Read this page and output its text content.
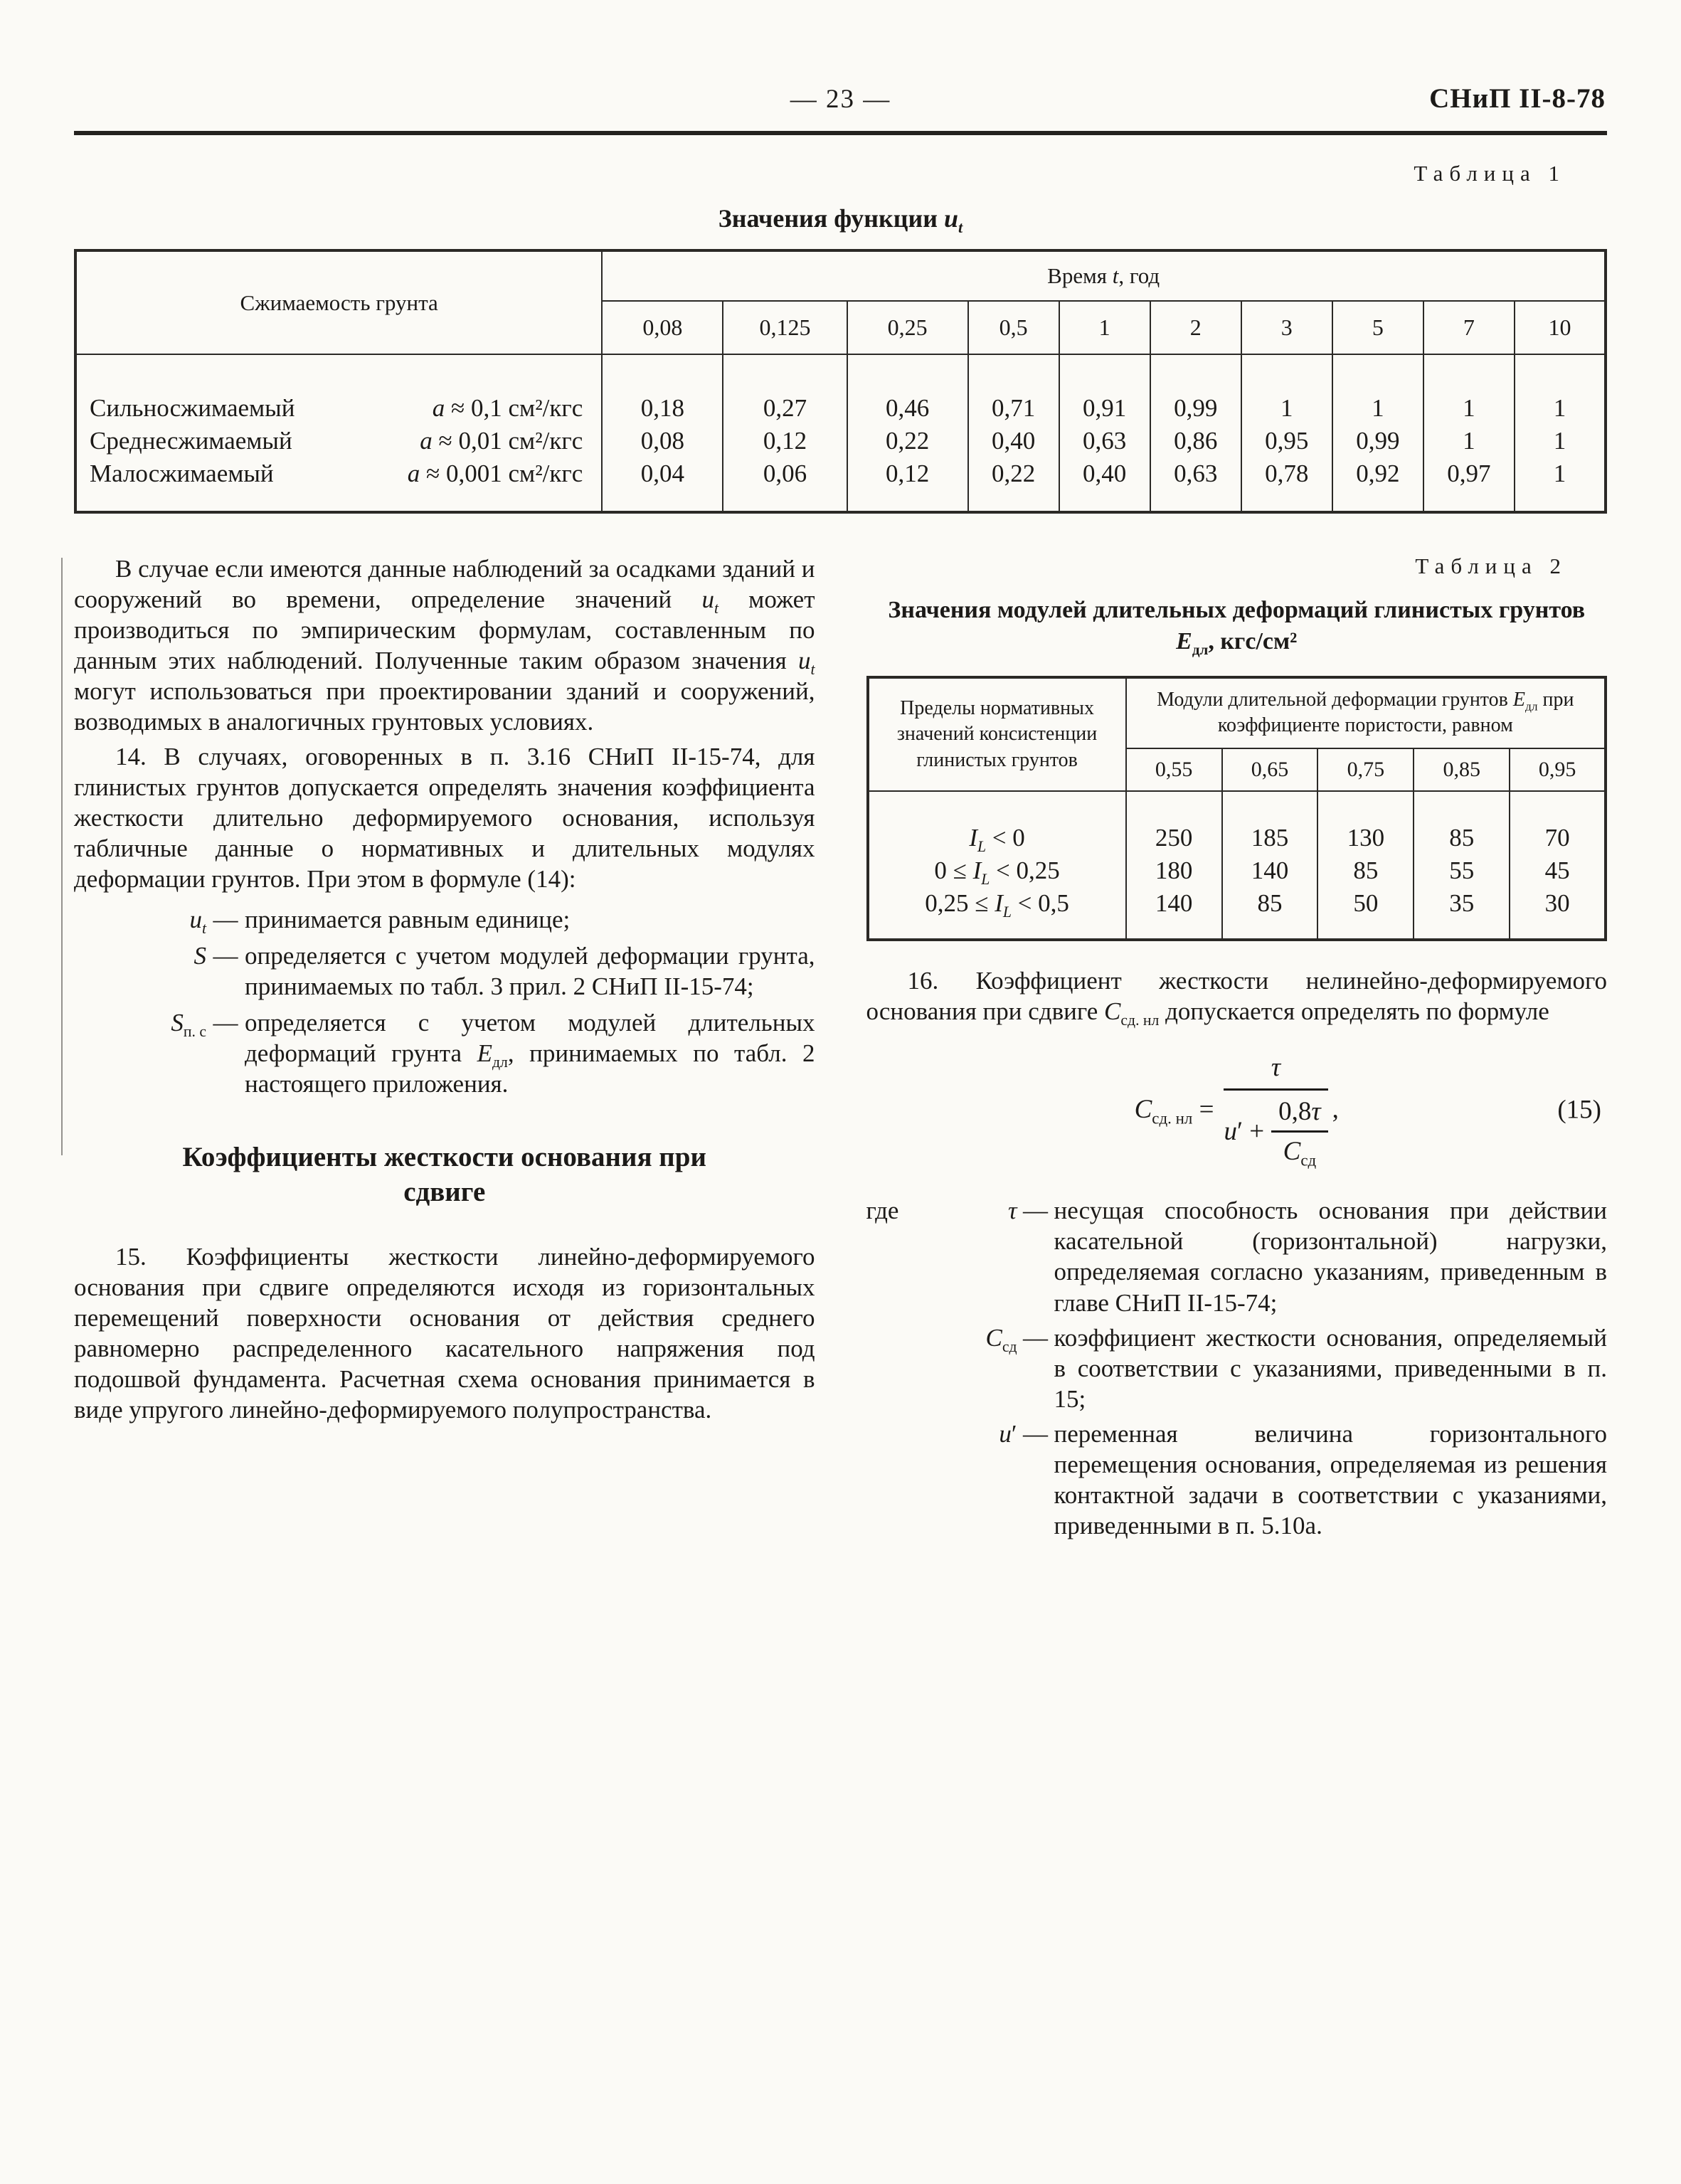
— 23 —	СНиП II-8-78
Таблица 1
Значения функции $u_t$
Сжимаемость грунта	Время t, год									
	0,08	0,125	0,25	0,5	1	2	3	5	7	10

Сильносжимаемый a ≈ 0,1 см²/кгс	0,18	0,27	0,46	0,71	0,91	0,99	1	1	1	1

Среднесжимаемый a ≈ 0,01 см²/кгс	0,08	0,12	0,22	0,40	0,63	0,86	0,95	0,99	1	1

Малосжимаемый a ≈ 0,001 см²/кгс	0,04	0,06	0,12	0,22	0,40	0,63	0,78	0,92	0,97	1

В случае если имеются данные наблюдений за осадками зданий и сооружений во времени, определение значений $u_t$ может производиться по эмпирическим формулам, составленным по данным этих наблюдений. Полученные таким образом значения $u_t$ могут использоваться при проектировании зданий и сооружений, возводимых в аналогичных грунтовых условиях.

14. В случаях, оговоренных в п. 3.16 СНиП II-15-74, для глинистых грунтов допускается определять значения коэффициента жесткости длительно деформируемого основания, используя табличные данные о нормативных и длительных модулях деформации грунтов. При этом в формуле (14):

$u_t$ — принимается равным единице;
S — определяется с учетом модулей деформации грунта, принимаемых по табл. 3 прил. 2 СНиП II-15-74;
$S_{п. с}$ — определяется с учетом модулей длительных деформаций грунта $E_{дл}$, принимаемых по табл. 2 настоящего приложения.
Коэффициенты жесткости основания при сдвиге

15. Коэффициенты жесткости линейно-деформируемого основания при сдвиге определяются исходя из горизонтальных перемещений поверхности основания от действия среднего равномерно распределенного касательного напряжения под подошвой фундамента. Расчетная схема основания принимается в виде упругого линейно-деформируемого полупространства.

Таблица 2
Значения модулей длительных деформаций глинистых грунтов $E_{дл}$, кгс/см²
Пределы нормативных значений консистенции глинистых грунтов	Модули длительной деформации грунтов $E_{дл}$ при коэффициенте пористости, равном				
	0,55	0,65	0,75	0,85	0,95
$I_L < 0$	250	185	130	85	70
$0 \le I_L < 0,25$	180	140	85	55	45
$0,25 \le I_L < 0,5$	140	85	50	35	30

16. Коэффициент жесткости нелинейно-деформируемого основания при сдвиге $C_{сд. нл}$ допускается определять по формуле

$C_{сд. нл} = \tau$
u′ +
0,8τ
$C_{сд}$ ,	(15)
где	τ — несущая способность основания при действии касательной (горизонтальной) нагрузки, определяемая согласно указаниям, приведенным в главе СНиП II-15-74;
$C_{сд}$ — коэффициент жесткости основания, определяемый в соответствии с указаниями, приведенными в п. 15;
u′ — переменная величина горизонтального перемещения основания, определяемая из решения контактной задачи в соответствии с указаниями, приведенными в п. 5.10а.
